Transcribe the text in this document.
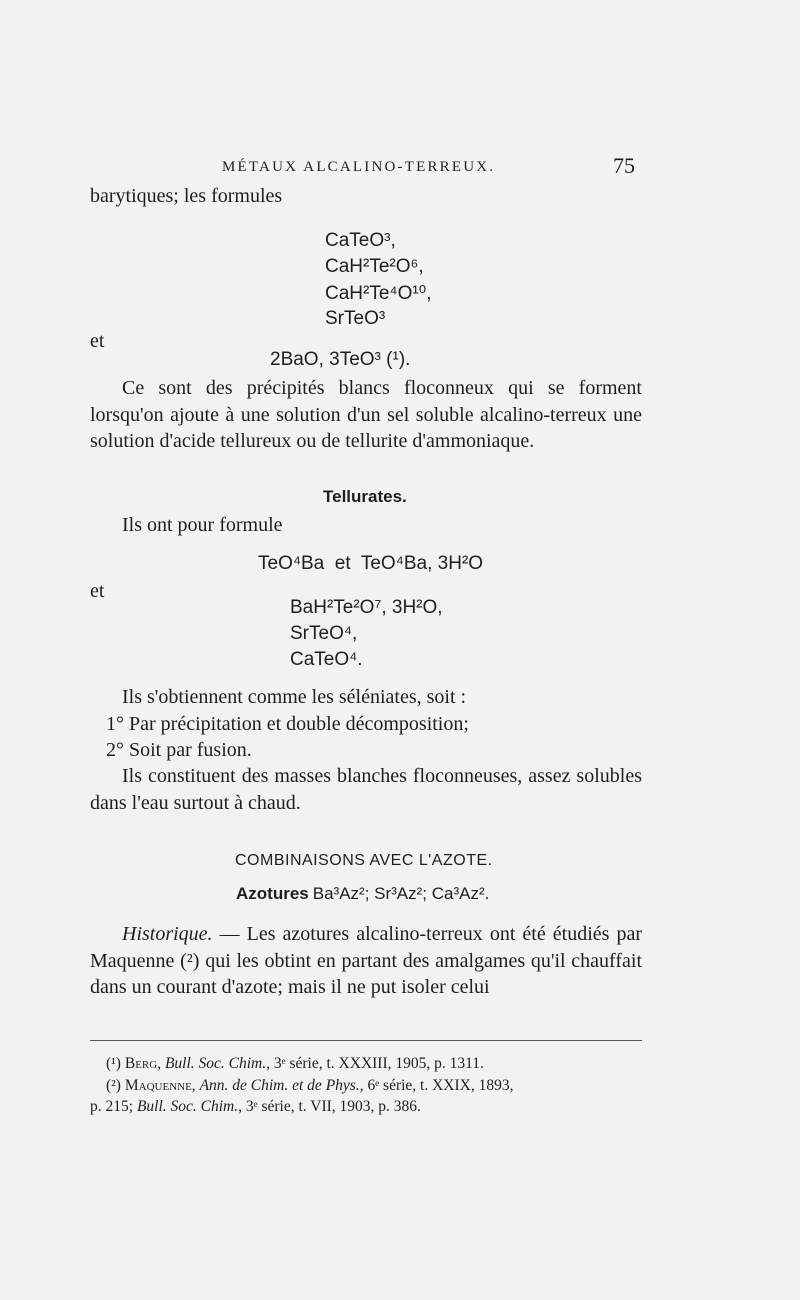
MÉTAUX ALCALINO-TERREUX.	75
barytiques; les formules
CaTeO³,
CaH²Te²O⁶,
CaH²Te⁴O¹⁰,
SrTeO³
et
2BaO, 3TeO³ (¹).
Ce sont des précipités blancs floconneux qui se forment lorsqu'on ajoute à une solution d'un sel soluble alcalino-terreux une solution d'acide tellureux ou de tellurite d'ammoniaque.
Tellurates.
Ils ont pour formule
TeO⁴Ba  et  TeO⁴Ba, 3H²O
et
BaH²Te²O⁷, 3H²O,
SrTeO⁴,
CaTeO⁴.
Ils s'obtiennent comme les séléniates, soit :
1° Par précipitation et double décomposition;
2° Soit par fusion.
Ils constituent des masses blanches floconneuses, assez solubles dans l'eau surtout à chaud.
COMBINAISONS AVEC L'AZOTE.
Azotures Ba³Az²; Sr³Az²; Ca³Az².
Historique. — Les azotures alcalino-terreux ont été étudiés par Maquenne (²) qui les obtint en partant des amalgames qu'il chauffait dans un courant d'azote; mais il ne put isoler celui
(¹) Berg, Bull. Soc. Chim., 3ᵉ série, t. XXXIII, 1905, p. 1311.
(²) Maquenne, Ann. de Chim. et de Phys., 6ᵉ série, t. XXIX, 1893,
p. 215; Bull. Soc. Chim., 3ᵉ série, t. VII, 1903, p. 386.
